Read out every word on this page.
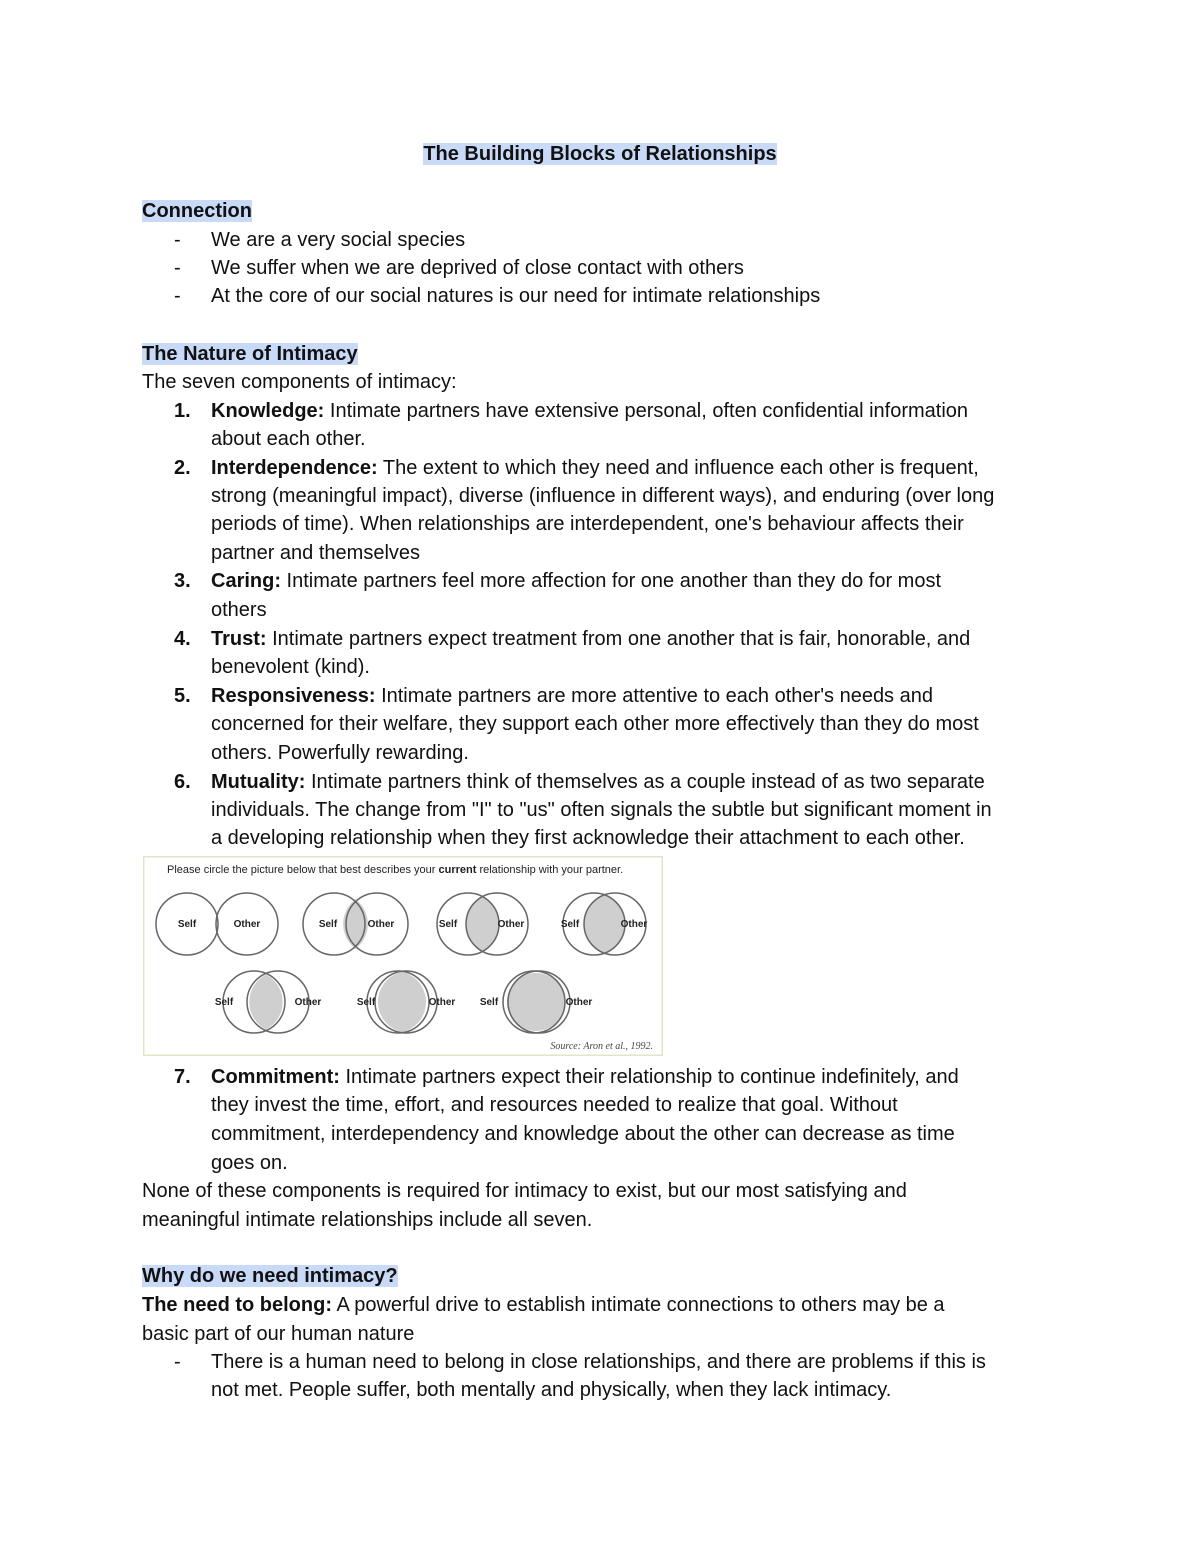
The Building Blocks of Relationships
Connection
-	We are a very social species
-	We suffer when we are deprived of close contact with others
-	At the core of our social natures is our need for intimate relationships
The Nature of Intimacy
The seven components of intimacy:
1.	Knowledge: Intimate partners have extensive personal, often confidential information
about each other.
2.	Interdependence: The extent to which they need and influence each other is frequent,
strong (meaningful impact), diverse (influence in different ways), and enduring (over long
periods of time). When relationships are interdependent, one's behaviour affects their
partner and themselves
3.	Caring: Intimate partners feel more affection for one another than they do for most
others
4.	Trust: Intimate partners expect treatment from one another that is fair, honorable, and
benevolent (kind).
5.	Responsiveness: Intimate partners are more attentive to each other's needs and
concerned for their welfare, they support each other more effectively than they do most
others. Powerfully rewarding.
6.	Mutuality: Intimate partners think of themselves as a couple instead of as two separate
individuals. The change from "I" to "us" often signals the subtle but significant moment in
a developing relationship when they first acknowledge their attachment to each other.
Please circle the picture below that best describes your current relationship with your partner.
Self	Other	Self	Other	Self	Other	Self	Other
Self	Other	Self	Other Self	Other
Source: Aron et al., 1992.
7.	Commitment: Intimate partners expect their relationship to continue indefinitely, and
they invest the time, effort, and resources needed to realize that goal. Without
commitment, interdependency and knowledge about the other can decrease as time
goes on.
None of these components is required for intimacy to exist, but our most satisfying and
meaningful intimate relationships include all seven.
Why do we need intimacy?
The need to belong: A powerful drive to establish intimate connections to others may be a
basic part of our human nature
-	There is a human need to belong in close relationships, and there are problems if this is
not met. People suffer, both mentally and physically, when they lack intimacy.
